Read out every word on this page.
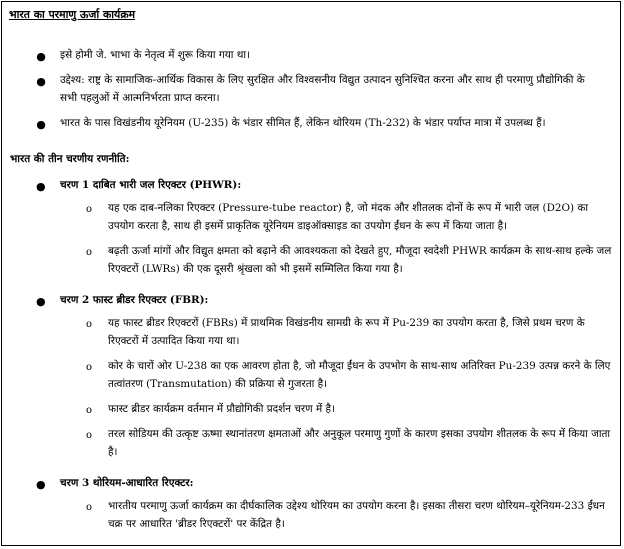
भारत का परमाणु ऊर्जा कार्यक्रम
● इसे होमी जे. भाभा के नेतृत्व में शुरू किया गया था।
● उद्देश्य: राष्ट्र के सामाजिक-आर्थिक विकास के लिए सुरक्षित और विश्वसनीय विद्युत उत्पादन सुनिश्चित करना और साथ ही परमाणु प्रौद्योगिकी के सभी पहलुओं में आत्मनिर्भरता प्राप्त करना।
● भारत के पास विखंडनीय यूरेनियम (U-235) के भंडार सीमित हैं, लेकिन थोरियम (Th-232) के भंडार पर्याप्त मात्रा में उपलब्ध हैं।
भारत की तीन चरणीय रणनीति:
● चरण 1 दाबित भारी जल रिएक्टर (PHWR):
o यह एक दाब-नलिका रिएक्टर (Pressure-tube reactor) है, जो मंदक और शीतलक दोनों के रूप में भारी जल (D2O) का उपयोग करता है, साथ ही इसमें प्राकृतिक यूरेनियम डाइऑक्साइड का उपयोग ईंधन के रूप में किया जाता है।
o बढ़ती ऊर्जा मांगों और विद्युत क्षमता को बढ़ाने की आवश्यकता को देखते हुए, मौजूदा स्वदेशी PHWR कार्यक्रम के साथ-साथ हल्के जल रिएक्टरों (LWRs) की एक दूसरी श्रृंखला को भी इसमें सम्मिलित किया गया है।
● चरण 2 फास्ट ब्रीडर रिएक्टर (FBR):
o यह फास्ट ब्रीडर रिएक्टरों (FBRs) में प्राथमिक विखंडनीय सामग्री के रूप में Pu-239 का उपयोग करता है, जिसे प्रथम चरण के रिएक्टरों में उत्पादित किया गया था।
o कोर के चारों ओर U-238 का एक आवरण होता है, जो मौजूदा ईंधन के उपभोग के साथ-साथ अतिरिक्त Pu-239 उत्पन्न करने के लिए तत्वांतरण (Transmutation) की प्रक्रिया से गुजरता है।
o फास्ट ब्रीडर कार्यक्रम वर्तमान में प्रौद्योगिकी प्रदर्शन चरण में है।
o तरल सोडियम की उत्कृष्ट ऊष्मा स्थानांतरण क्षमताओं और अनुकूल परमाणु गुणों के कारण इसका उपयोग शीतलक के रूप में किया जाता है।
● चरण 3 थोरियम-आधारित रिएक्टर:
o भारतीय परमाणु ऊर्जा कार्यक्रम का दीर्घकालिक उद्देश्य थोरियम का उपयोग करना है। इसका तीसरा चरण थोरियम–यूरेनियम-233 ईंधन चक्र पर आधारित 'ब्रीडर रिएक्टरों' पर केंद्रित है।
